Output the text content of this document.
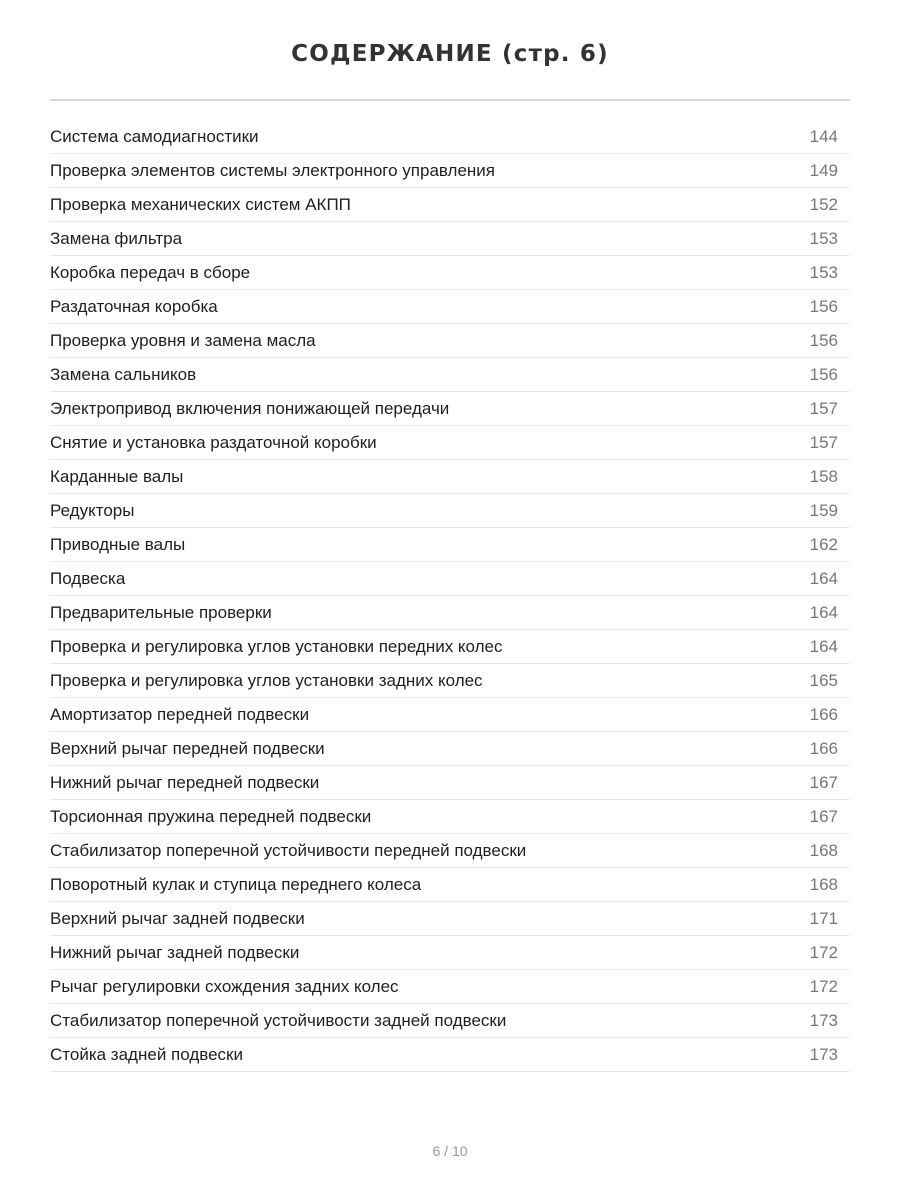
СОДЕРЖАНИЕ (стр. 6)
Система самодиагностики	144
Проверка элементов системы электронного управления	149
Проверка механических систем АКПП	152
Замена фильтра	153
Коробка передач в сборе	153
Раздаточная коробка	156
Проверка уровня и замена масла	156
Замена сальников	156
Электропривод включения понижающей передачи	157
Снятие и установка раздаточной коробки	157
Карданные валы	158
Редукторы	159
Приводные валы	162
Подвеска	164
Предварительные проверки	164
Проверка и регулировка углов установки передних колес	164
Проверка и регулировка углов установки задних колес	165
Амортизатор передней подвески	166
Верхний рычаг передней подвески	166
Нижний рычаг передней подвески	167
Торсионная пружина передней подвески	167
Стабилизатор поперечной устойчивости передней подвески	168
Поворотный кулак и ступица переднего колеса	168
Верхний рычаг задней подвески	171
Нижний рычаг задней подвески	172
Рычаг регулировки схождения задних колес	172
Стабилизатор поперечной устойчивости задней подвески	173
Стойка задней подвески	173
6 / 10
